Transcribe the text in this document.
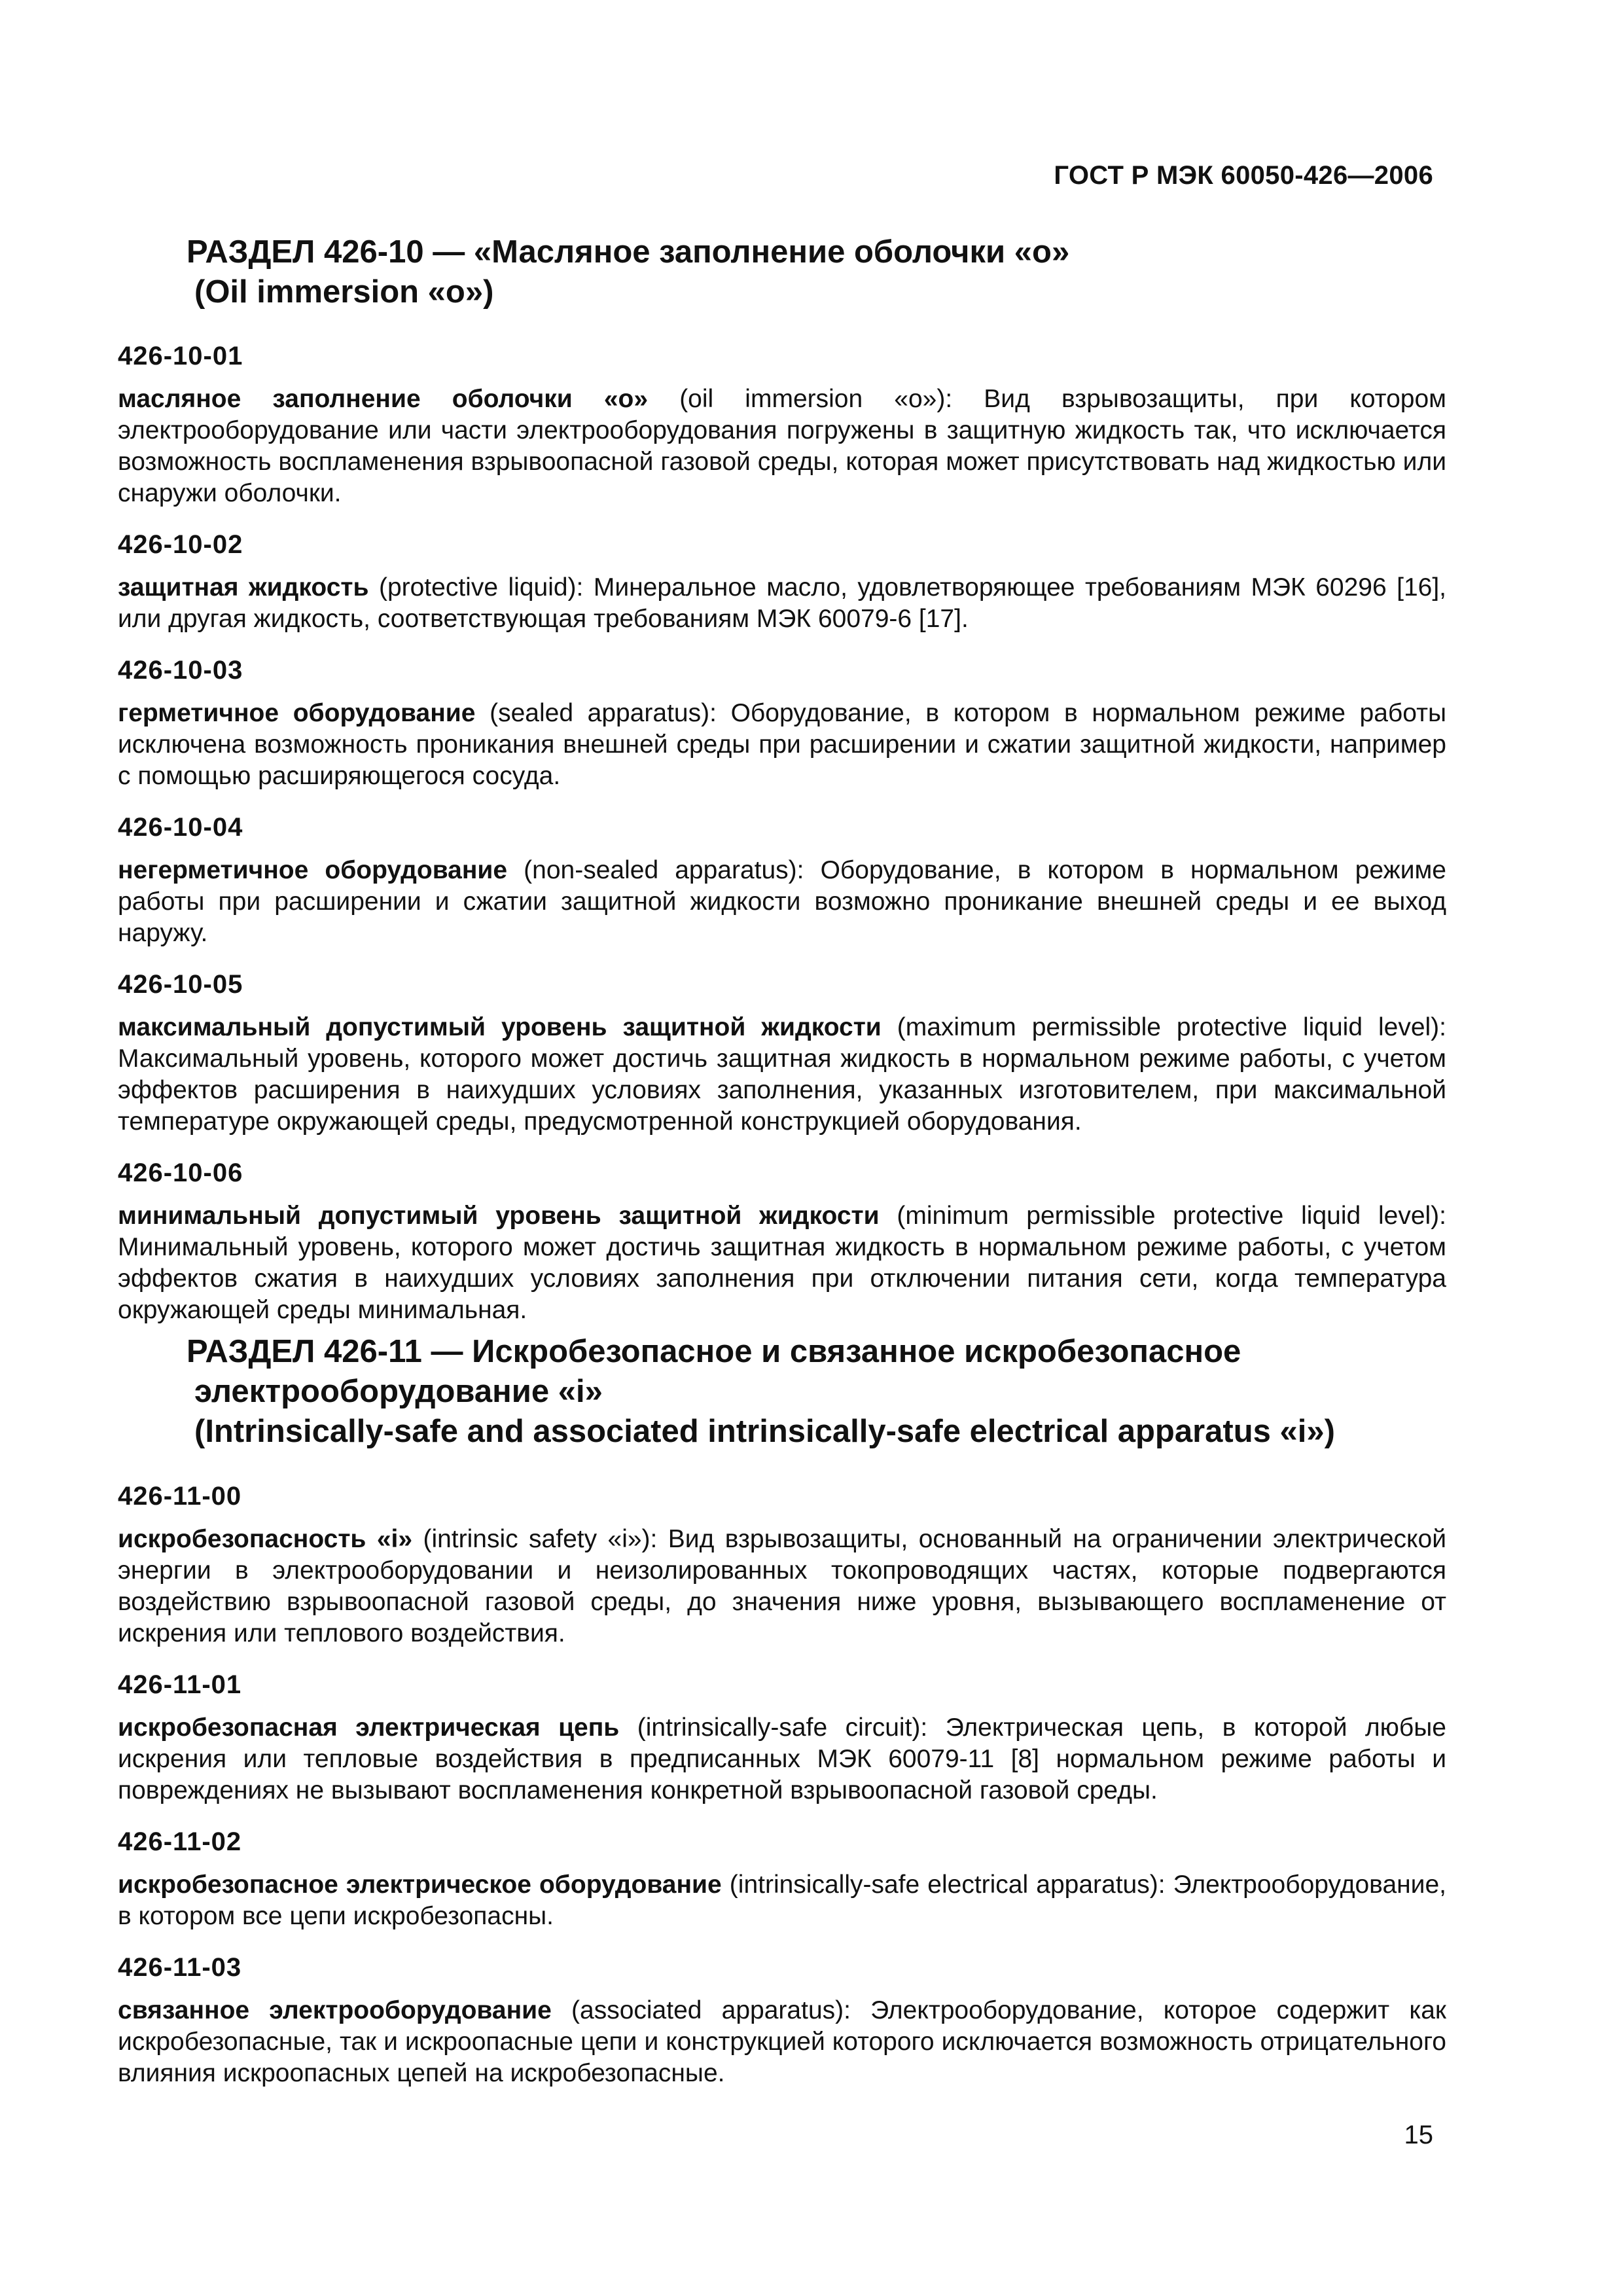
ГОСТ Р МЭК 60050-426—2006
РАЗДЕЛ 426-10 — «Масляное заполнение оболочки «о»
(Oil immersion «o»)
426-10-01

масляное заполнение оболочки «о» (oil immersion «o»): Вид взрывозащиты, при котором электрооборудование или части электрооборудования погружены в защитную жидкость так, что исключается возможность воспламенения взрывоопасной газовой среды, которая может присутствовать над жидкостью или снаружи оболочки.

426-10-02

защитная жидкость (protective liquid): Минеральное масло, удовлетворяющее требованиям МЭК 60296 [16], или другая жидкость, соответствующая требованиям МЭК 60079-6 [17].

426-10-03

герметичное оборудование (sealed apparatus): Оборудование, в котором в нормальном режиме работы исключена возможность проникания внешней среды при расширении и сжатии защитной жидкости, например с помощью расширяющегося сосуда.

426-10-04

негерметичное оборудование (non-sealed apparatus): Оборудование, в котором в нормальном режиме работы при расширении и сжатии защитной жидкости возможно проникание внешней среды и ее выход наружу.

426-10-05

максимальный допустимый уровень защитной жидкости (maximum permissible protective liquid level): Максимальный уровень, которого может достичь защитная жидкость в нормальном режиме работы, с учетом эффектов расширения в наихудших условиях заполнения, указанных изготовителем, при максимальной температуре окружающей среды, предусмотренной конструкцией оборудования.

426-10-06

минимальный допустимый уровень защитной жидкости (minimum permissible protective liquid level): Минимальный уровень, которого может достичь защитная жидкость в нормальном режиме работы, с учетом эффектов сжатия в наихудших условиях заполнения при отключении питания сети, когда температура окружающей среды минимальная.

РАЗДЕЛ 426-11 — Искробезопасное и связанное искробезопасное
электрооборудование «i»
(Intrinsically-safe and associated intrinsically-safe electrical apparatus «i»)
426-11-00

искробезопасность «i» (intrinsic safety «i»): Вид взрывозащиты, основанный на ограничении электрической энергии в электрооборудовании и неизолированных токопроводящих частях, которые подвергаются воздействию взрывоопасной газовой среды, до значения ниже уровня, вызывающего воспламенение от искрения или теплового воздействия.

426-11-01

искробезопасная электрическая цепь (intrinsically-safe circuit): Электрическая цепь, в которой любые искрения или тепловые воздействия в предписанных МЭК 60079-11 [8] нормальном режиме работы и повреждениях не вызывают воспламенения конкретной взрывоопасной газовой среды.

426-11-02

искробезопасное электрическое оборудование (intrinsically-safe electrical apparatus): Электрооборудование, в котором все цепи искробезопасны.

426-11-03

связанное электрооборудование (associated apparatus): Электрооборудование, которое содержит как искробезопасные, так и искроопасные цепи и конструкцией которого исключается возможность отрицательного влияния искроопасных цепей на искробезопасные.

15
